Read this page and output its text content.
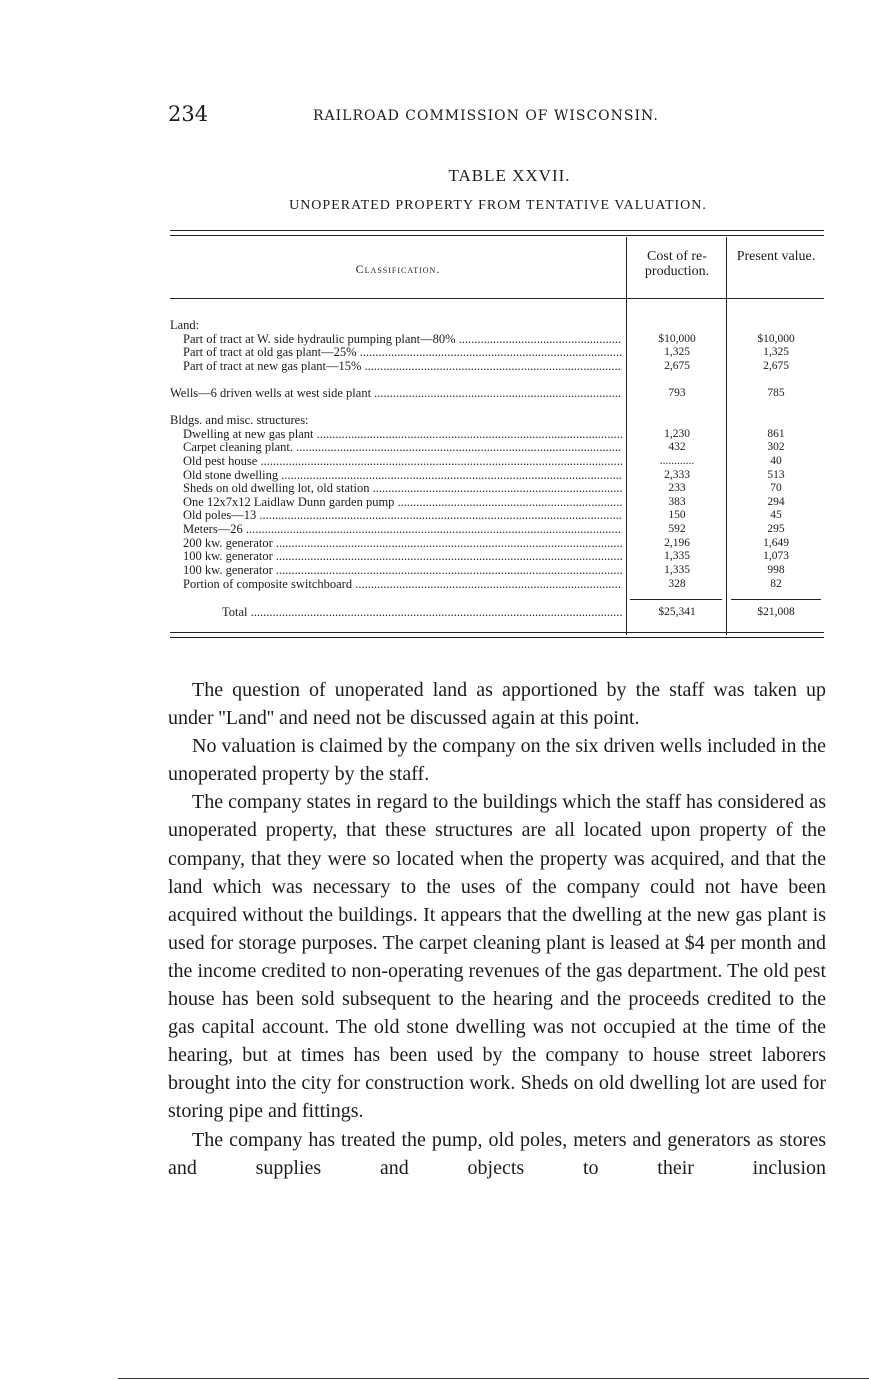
234	RAILROAD COMMISSION OF WISCONSIN.
TABLE XXVII.
UNOPERATED PROPERTY FROM TENTATIVE VALUATION.
Classification.
Cost of re-production.
Present value.
Land:
Part of tract at W. side hydraulic pumping plant—80% .....	$10,000	$10,000
Part of tract at old gas plant—25% .....	1,325	1,325
Part of tract at new gas plant—15% .....	2,675	2,675
Wells—6 driven wells at west side plant .....	793	785
Bldgs. and misc. structures:
Dwelling at new gas plant .....	1,230	861
Carpet cleaning plant. .....	432	302
Old pest house .....	............	40
Old stone dwelling .....	2,333	513
Sheds on old dwelling lot, old station .....	233	70
One 12x7x12 Laidlaw Dunn garden pump .....	383	294
Old poles—13 .....	150	45
Meters—26 .....	592	295
200 kw. generator .....	2,196	1,649
100 kw. generator .....	1,335	1,073
100 kw. generator .....	1,335	998
Portion of composite switchboard .....	328	82
Total .....	$25,341	$21,008

The question of unoperated land as apportioned by the staff was taken up under ''Land'' and need not be discussed again at this point.

No valuation is claimed by the company on the six driven wells included in the unoperated property by the staff.

The company states in regard to the buildings which the staff has considered as unoperated property, that these structures are all located upon property of the company, that they were so located when the property was acquired, and that the land which was necessary to the uses of the company could not have been acquired without the buildings. It appears that the dwelling at the new gas plant is used for storage purposes. The carpet cleaning plant is leased at $4 per month and the income credited to non-operating revenues of the gas department. The old pest house has been sold subsequent to the hearing and the proceeds credited to the gas capital account. The old stone dwelling was not occupied at the time of the hearing, but at times has been used by the company to house street laborers brought into the city for construction work. Sheds on old dwelling lot are used for storing pipe and fittings.

The company has treated the pump, old poles, meters and generators as stores and supplies and objects to their inclusion
